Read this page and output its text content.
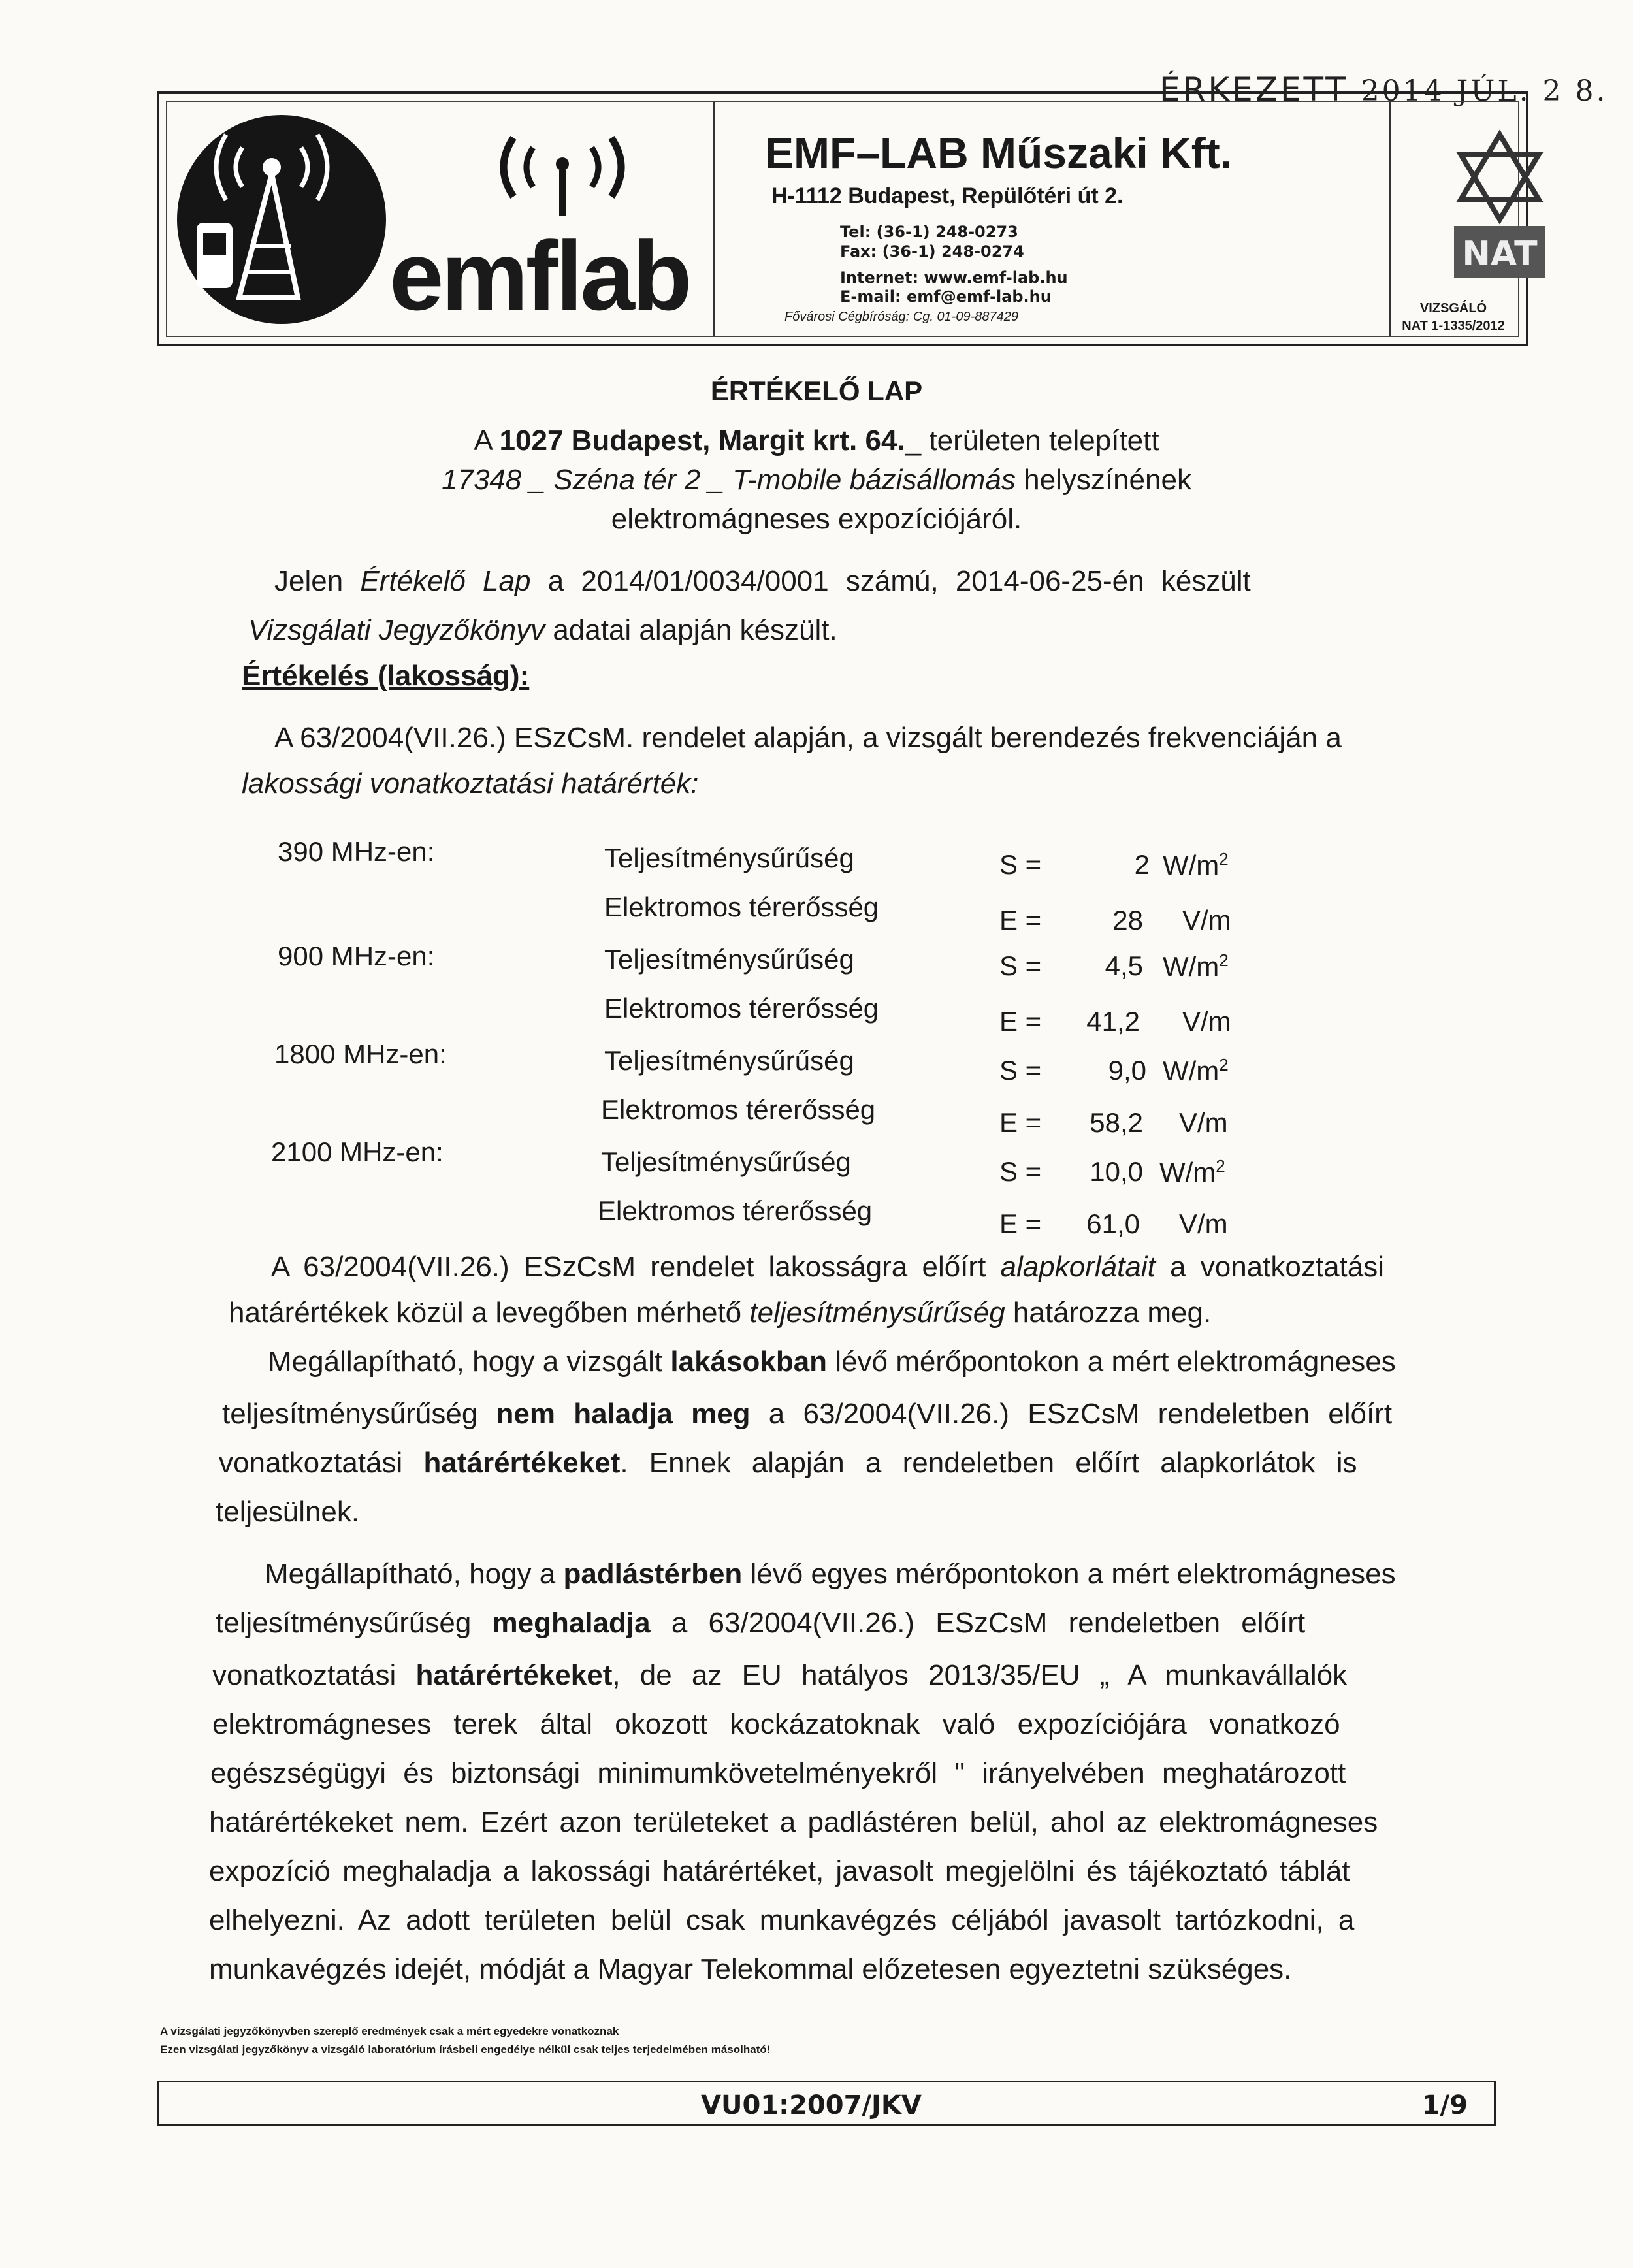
ÉRKEZETT 2014 JÚL. 2 8.
emflab
EMF–LAB Műszaki Kft.
H-1112 Budapest, Repülőtéri út 2.
Tel: (36-1) 248-0273
Fax: (36-1) 248-0274
Internet: www.emf-lab.hu
E-mail: emf@emf-lab.hu
Fővárosi Cégbíróság: Cg. 01-09-887429
NAT
VIZSGÁLÓ
NAT 1-1335/2012
ÉRTÉKELŐ LAP
A 1027 Budapest, Margit krt. 64._ területen telepített
17348 _ Széna tér 2 _ T-mobile bázisállomás helyszínének
elektromágneses expozíciójáról.
Jelen Értékelő Lap a 2014/01/0034/0001 számú, 2014-06-25-én készült
Vizsgálati Jegyzőkönyv adatai alapján készült.
Értékelés (lakosság):
A 63/2004(VII.26.) ESzCsM. rendelet alapján, a vizsgált berendezés frekvenciáján a
lakossági vonatkoztatási határérték:
390 MHz-en:	Teljesítménysűrűség	S =	2 $W/m^2$
Elektromos térerősség	E =	28 V/m
900 MHz-en:	Teljesítménysűrűség	S =	4,5 $W/m^2$
Elektromos térerősség	E =	41,2 V/m
1800 MHz-en:	Teljesítménysűrűség	S =	9,0 $W/m^2$
Elektromos térerősség	E =	58,2 V/m
2100 MHz-en:	Teljesítménysűrűség	S =	10,0 $W/m^2$
Elektromos térerősség	E =	61,0 V/m
A 63/2004(VII.26.) ESzCsM rendelet lakosságra előírt alapkorlátait a vonatkoztatási
határértékek közül a levegőben mérhető teljesítménysűrűség határozza meg.
Megállapítható, hogy a vizsgált lakásokban lévő mérőpontokon a mért elektromágneses
teljesítménysűrűség nem haladja meg a 63/2004(VII.26.) ESzCsM rendeletben előírt
vonatkoztatási határértékeket. Ennek alapján a rendeletben előírt alapkorlátok is
teljesülnek.
Megállapítható, hogy a padlástérben lévő egyes mérőpontokon a mért elektromágneses
teljesítménysűrűség meghaladja a 63/2004(VII.26.) ESzCsM rendeletben előírt
vonatkoztatási határértékeket, de az EU hatályos 2013/35/EU „ A munkavállalók
elektromágneses terek által okozott kockázatoknak való expozíciójára vonatkozó
egészségügyi és biztonsági minimumkövetelményekről " irányelvében meghatározott
határértékeket nem. Ezért azon területeket a padlástéren belül, ahol az elektromágneses
expozíció meghaladja a lakossági határértéket, javasolt megjelölni és tájékoztató táblát
elhelyezni. Az adott területen belül csak munkavégzés céljából javasolt tartózkodni, a
munkavégzés idejét, módját a Magyar Telekommal előzetesen egyeztetni szükséges.
A vizsgálati jegyzőkönyvben szereplő eredmények csak a mért egyedekre vonatkoznak
Ezen vizsgálati jegyzőkönyv a vizsgáló laboratórium írásbeli engedélye nélkül csak teljes terjedelmében másolható!
VU01:2007/JKV	1/9
